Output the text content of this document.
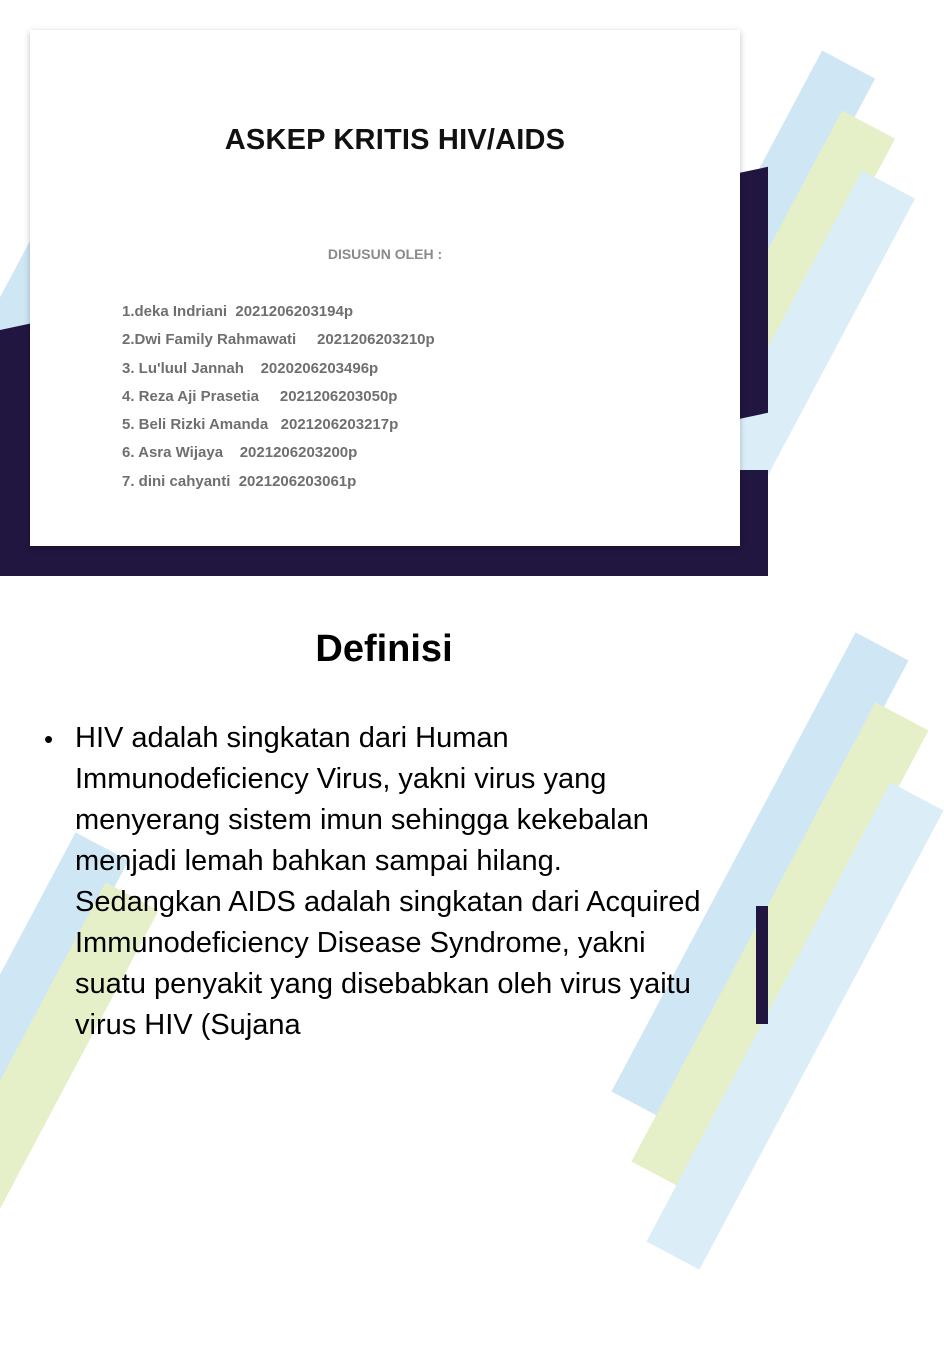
ASKEP KRITIS HIV/AIDS
DISUSUN OLEH :
1.deka Indriani  2021206203194p
2.Dwi Family Rahmawati     2021206203210p
3. Lu'luul Jannah    2020206203496p
4. Reza Aji Prasetia     2021206203050p
5. Beli Rizki Amanda   2021206203217p
6. Asra Wijaya    2021206203200p
7. dini cahyanti  2021206203061p
Definisi
• HIV adalah singkatan dari Human Immunodeficiency Virus, yakni virus yang menyerang sistem imun sehingga kekebalan menjadi lemah bahkan sampai hilang. Sedangkan AIDS adalah singkatan dari Acquired Immunodeficiency Disease Syndrome, yakni suatu penyakit yang disebabkan oleh virus yaitu virus HIV (Sujana
